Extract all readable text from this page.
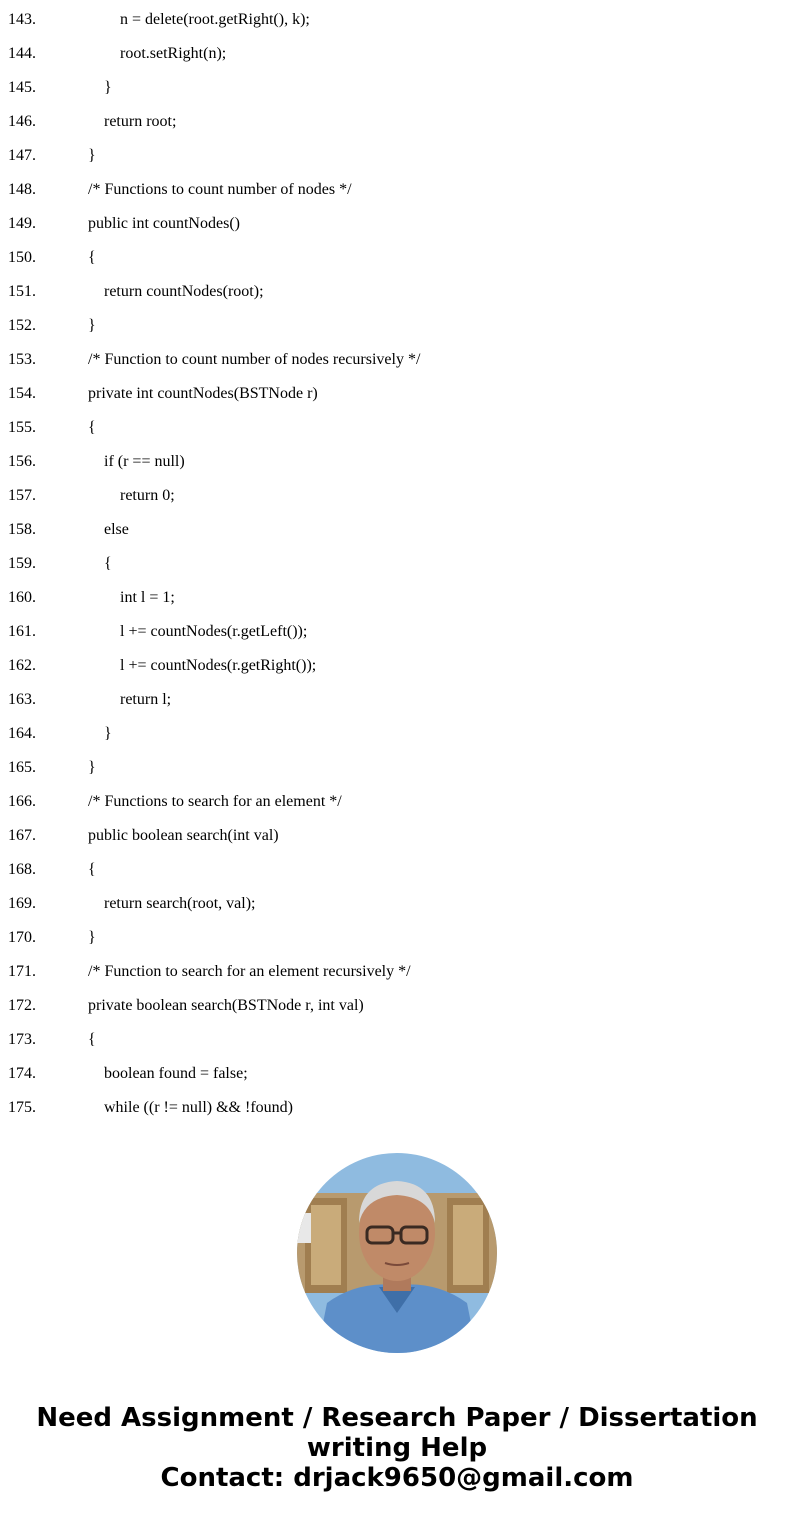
143.	n = delete(root.getRight(), k);
144.	root.setRight(n);
145.	}
146.	return root;
147.	}
148.	/* Functions to count number of nodes */
149.	public int countNodes()
150.	{
151.	return countNodes(root);
152.	}
153.	/* Function to count number of nodes recursively */
154.	private int countNodes(BSTNode r)
155.	{
156.	if (r == null)
157.	return 0;
158.	else
159.	{
160.	int l = 1;
161.	l += countNodes(r.getLeft());
162.	l += countNodes(r.getRight());
163.	return l;
164.	}
165.	}
166.	/* Functions to search for an element */
167.	public boolean search(int val)
168.	{
169.	return search(root, val);
170.	}
171.	/* Function to search for an element recursively */
172.	private boolean search(BSTNode r, int val)
173.	{
174.	boolean found = false;
175.	while ((r != null) && !found)
Need Assignment / Research Paper / Dissertation
writing Help
Contact: drjack9650@gmail.com
